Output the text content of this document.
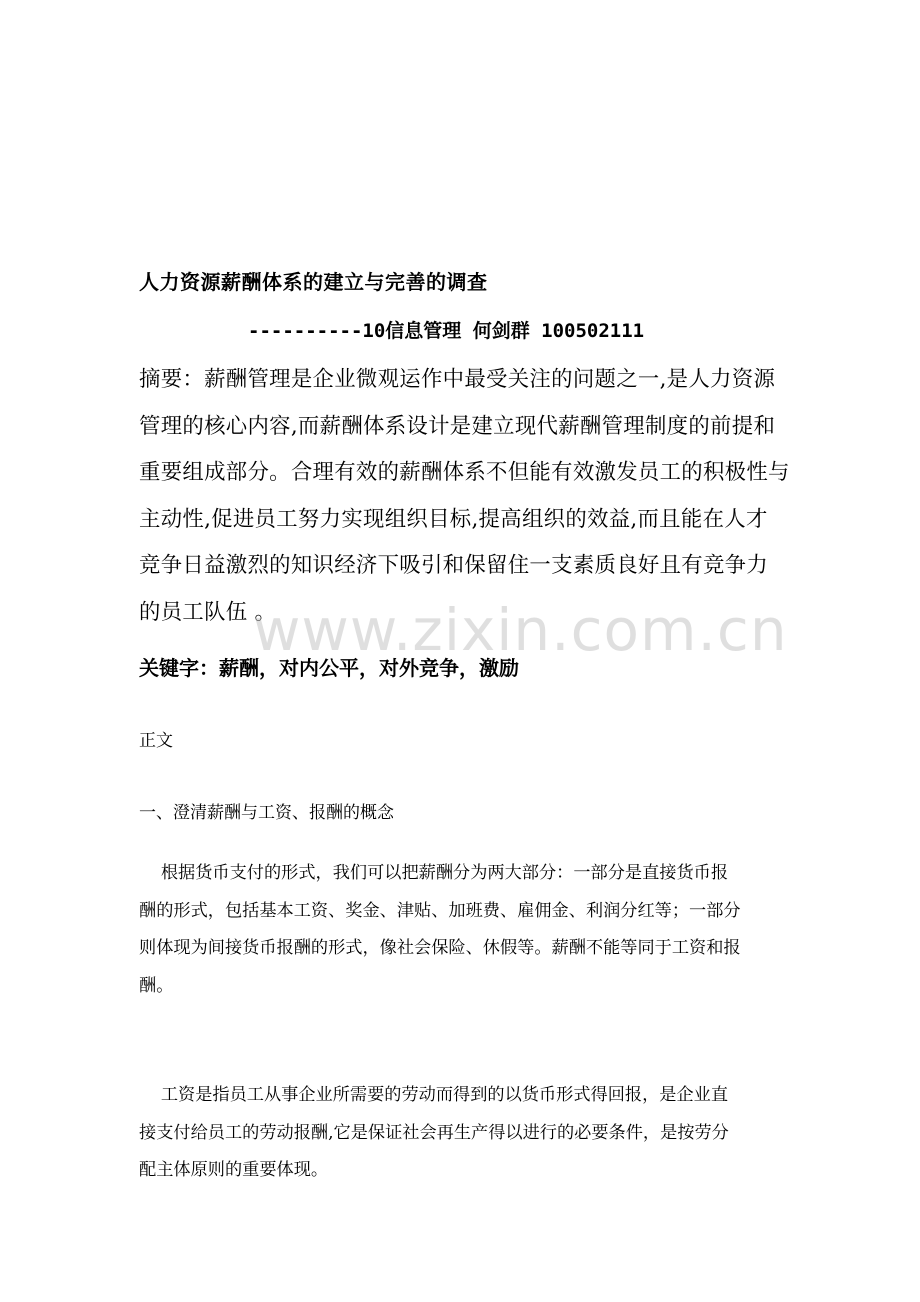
人力资源薪酬体系的建立与完善的调查
----------10信息管理 何剑群 100502111

摘要：薪酬管理是企业微观运作中最受关注的问题之一,是人力资源

管理的核心内容,而薪酬体系设计是建立现代薪酬管理制度的前提和

重要组成部分。合理有效的薪酬体系不但能有效激发员工的积极性与

主动性,促进员工努力实现组织目标,提高组织的效益,而且能在人才

竞争日益激烈的知识经济下吸引和保留住一支素质良好且有竞争力

的员工队伍 。

关键字：薪酬，对内公平，对外竞争，激励
正文
一、澄清薪酬与工资、报酬的概念

根据货币支付的形式，我们可以把薪酬分为两大部分：一部分是直接货币报

酬的形式，包括基本工资、奖金、津贴、加班费、雇佣金、利润分红等；一部分

则体现为间接货币报酬的形式，像社会保险、休假等。薪酬不能等同于工资和报

酬。

工资是指员工从事企业所需要的劳动而得到的以货币形式得回报，是企业直

接支付给员工的劳动报酬,它是保证社会再生产得以进行的必要条件，是按劳分

配主体原则的重要体现。

www.zixin.com.cn
